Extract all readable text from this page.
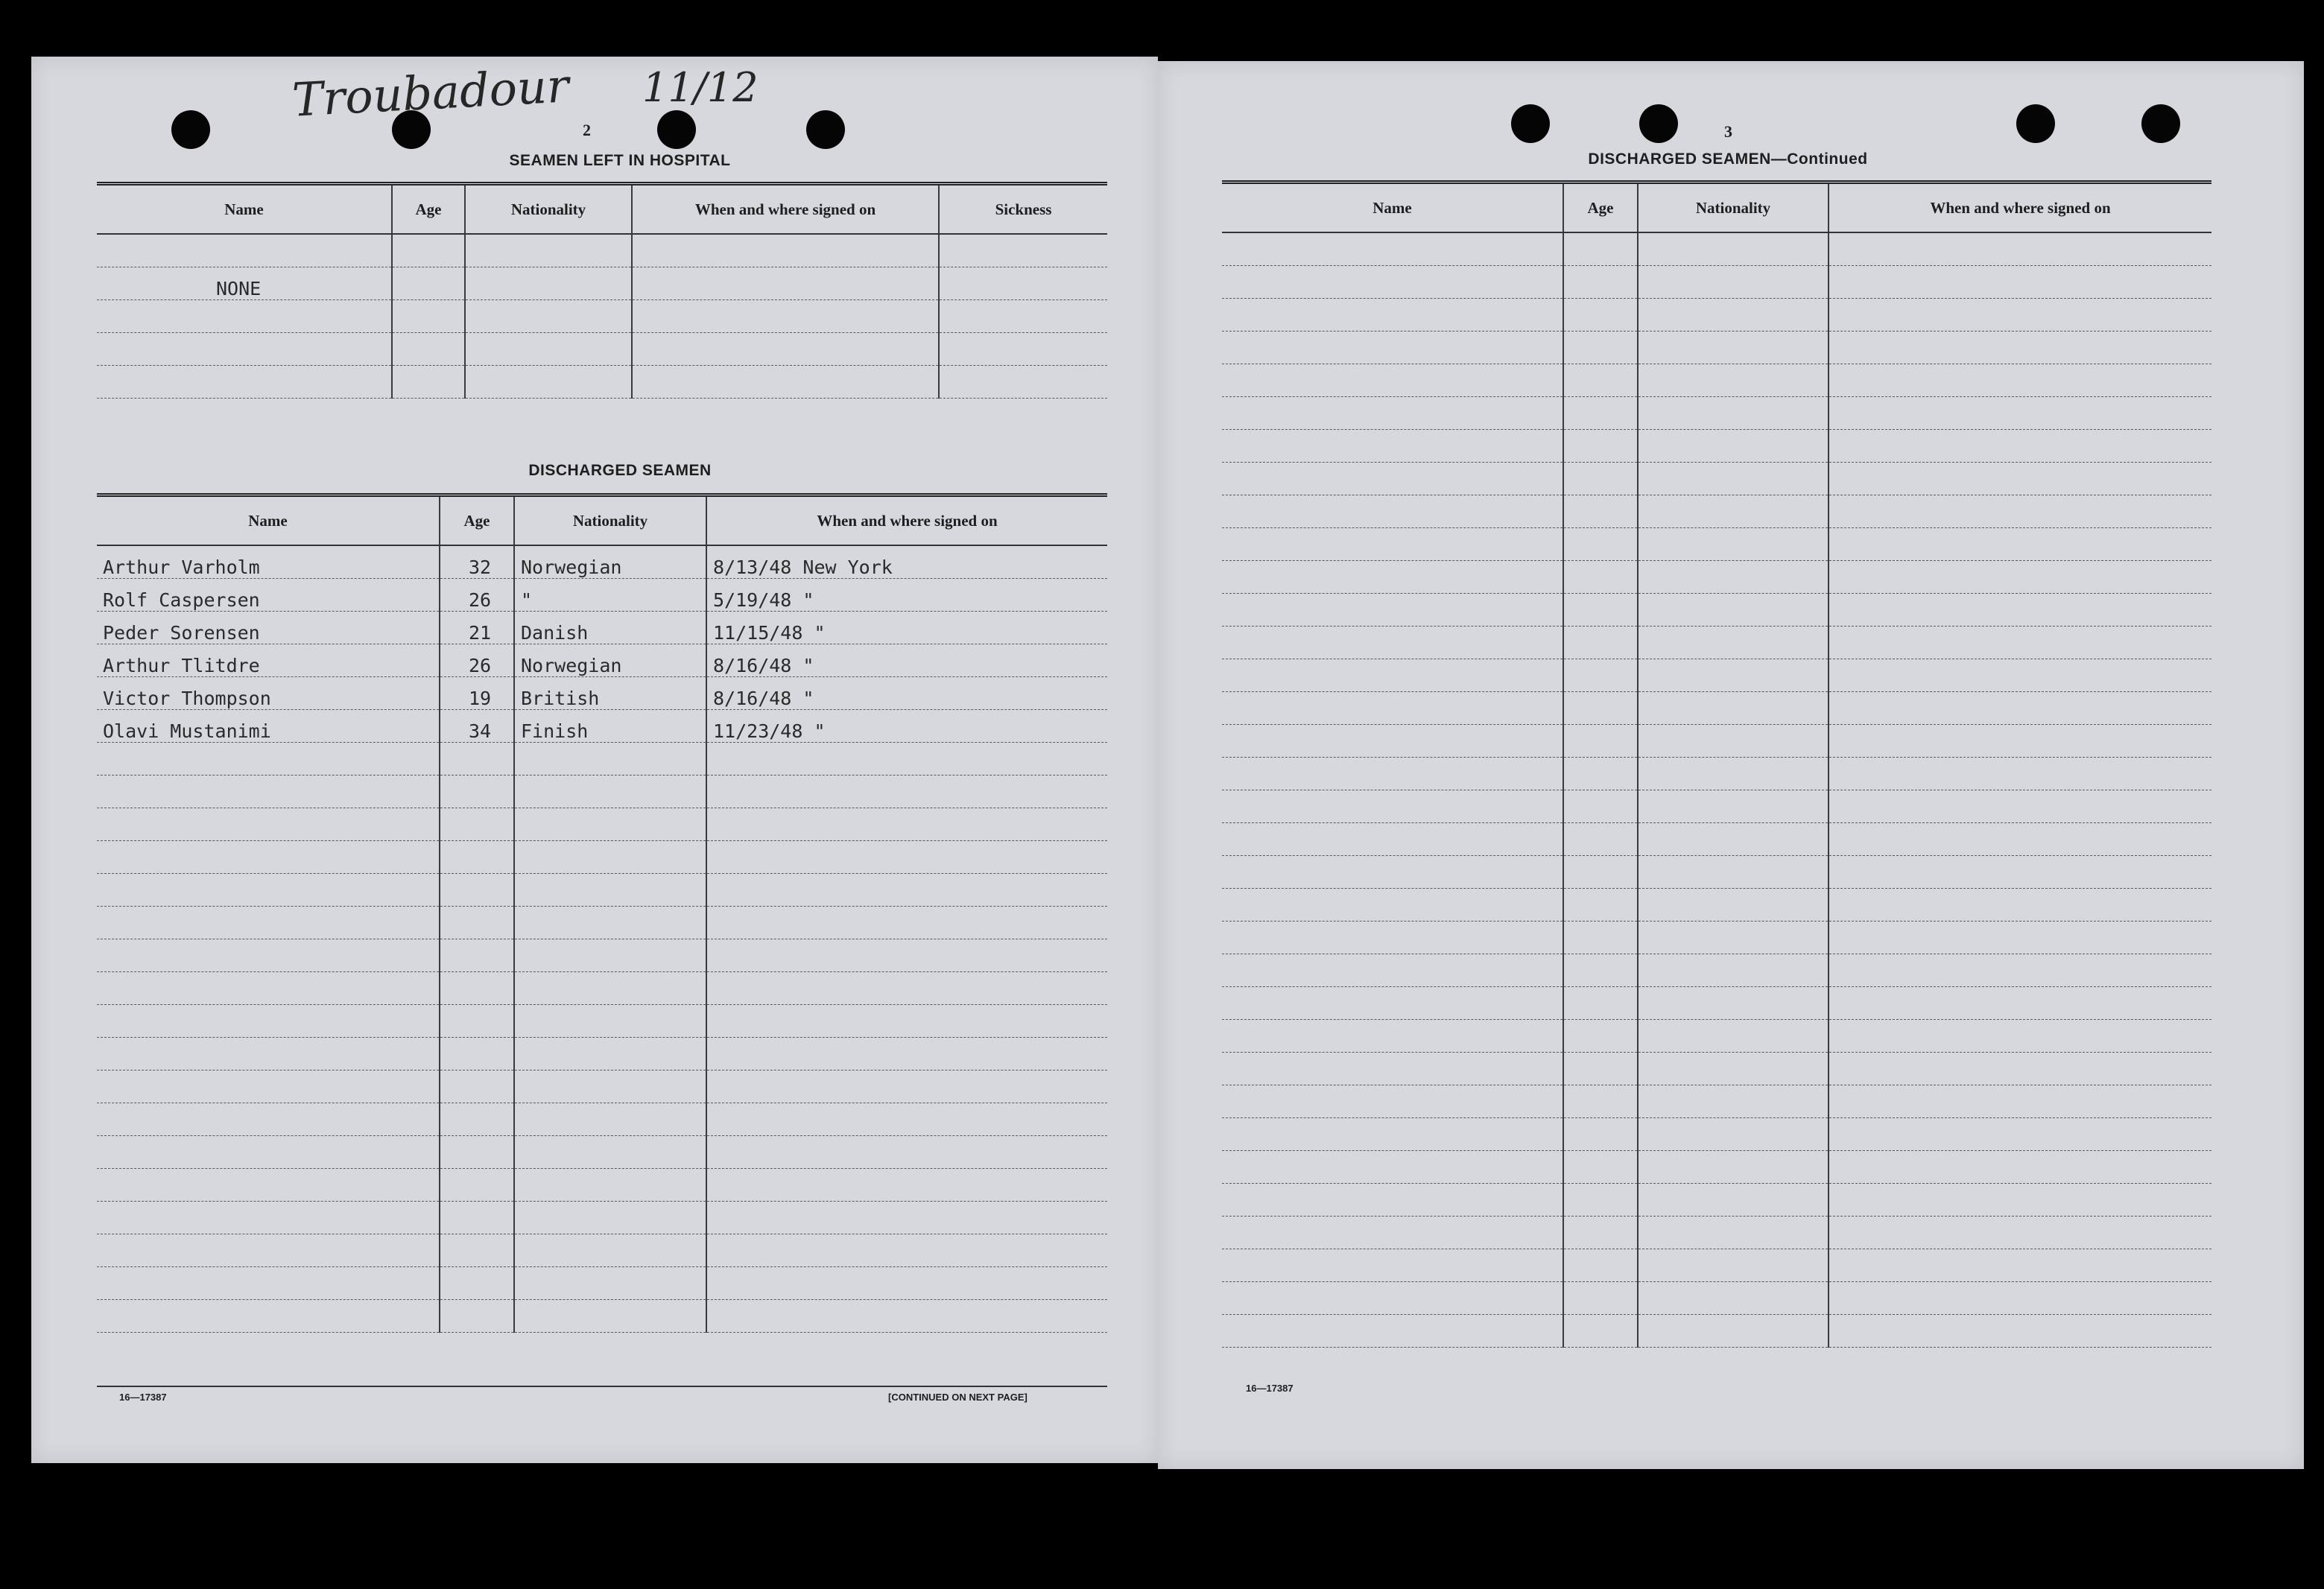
Troubadour 11/12
2
SEAMEN LEFT IN HOSPITAL
Name	Age	Nationality	When and where signed on	Sickness

NONE				

DISCHARGED SEAMEN
Name	Age	Nationality	When and where signed on
Arthur Varholm	32	Norwegian	8/13/48 New York
Rolf Caspersen	26	"	5/19/48 "
Peder Sorensen	21	Danish	11/15/48 "
Arthur Tlitdre	26	Norwegian	8/16/48 "
Victor Thompson	19	British	8/16/48 "
Olavi Mustanimi	34	Finish	11/23/48 "

16—17387	[CONTINUED ON NEXT PAGE]
3
DISCHARGED SEAMEN—Continued
Name	Age	Nationality	When and where signed on

16—17387
